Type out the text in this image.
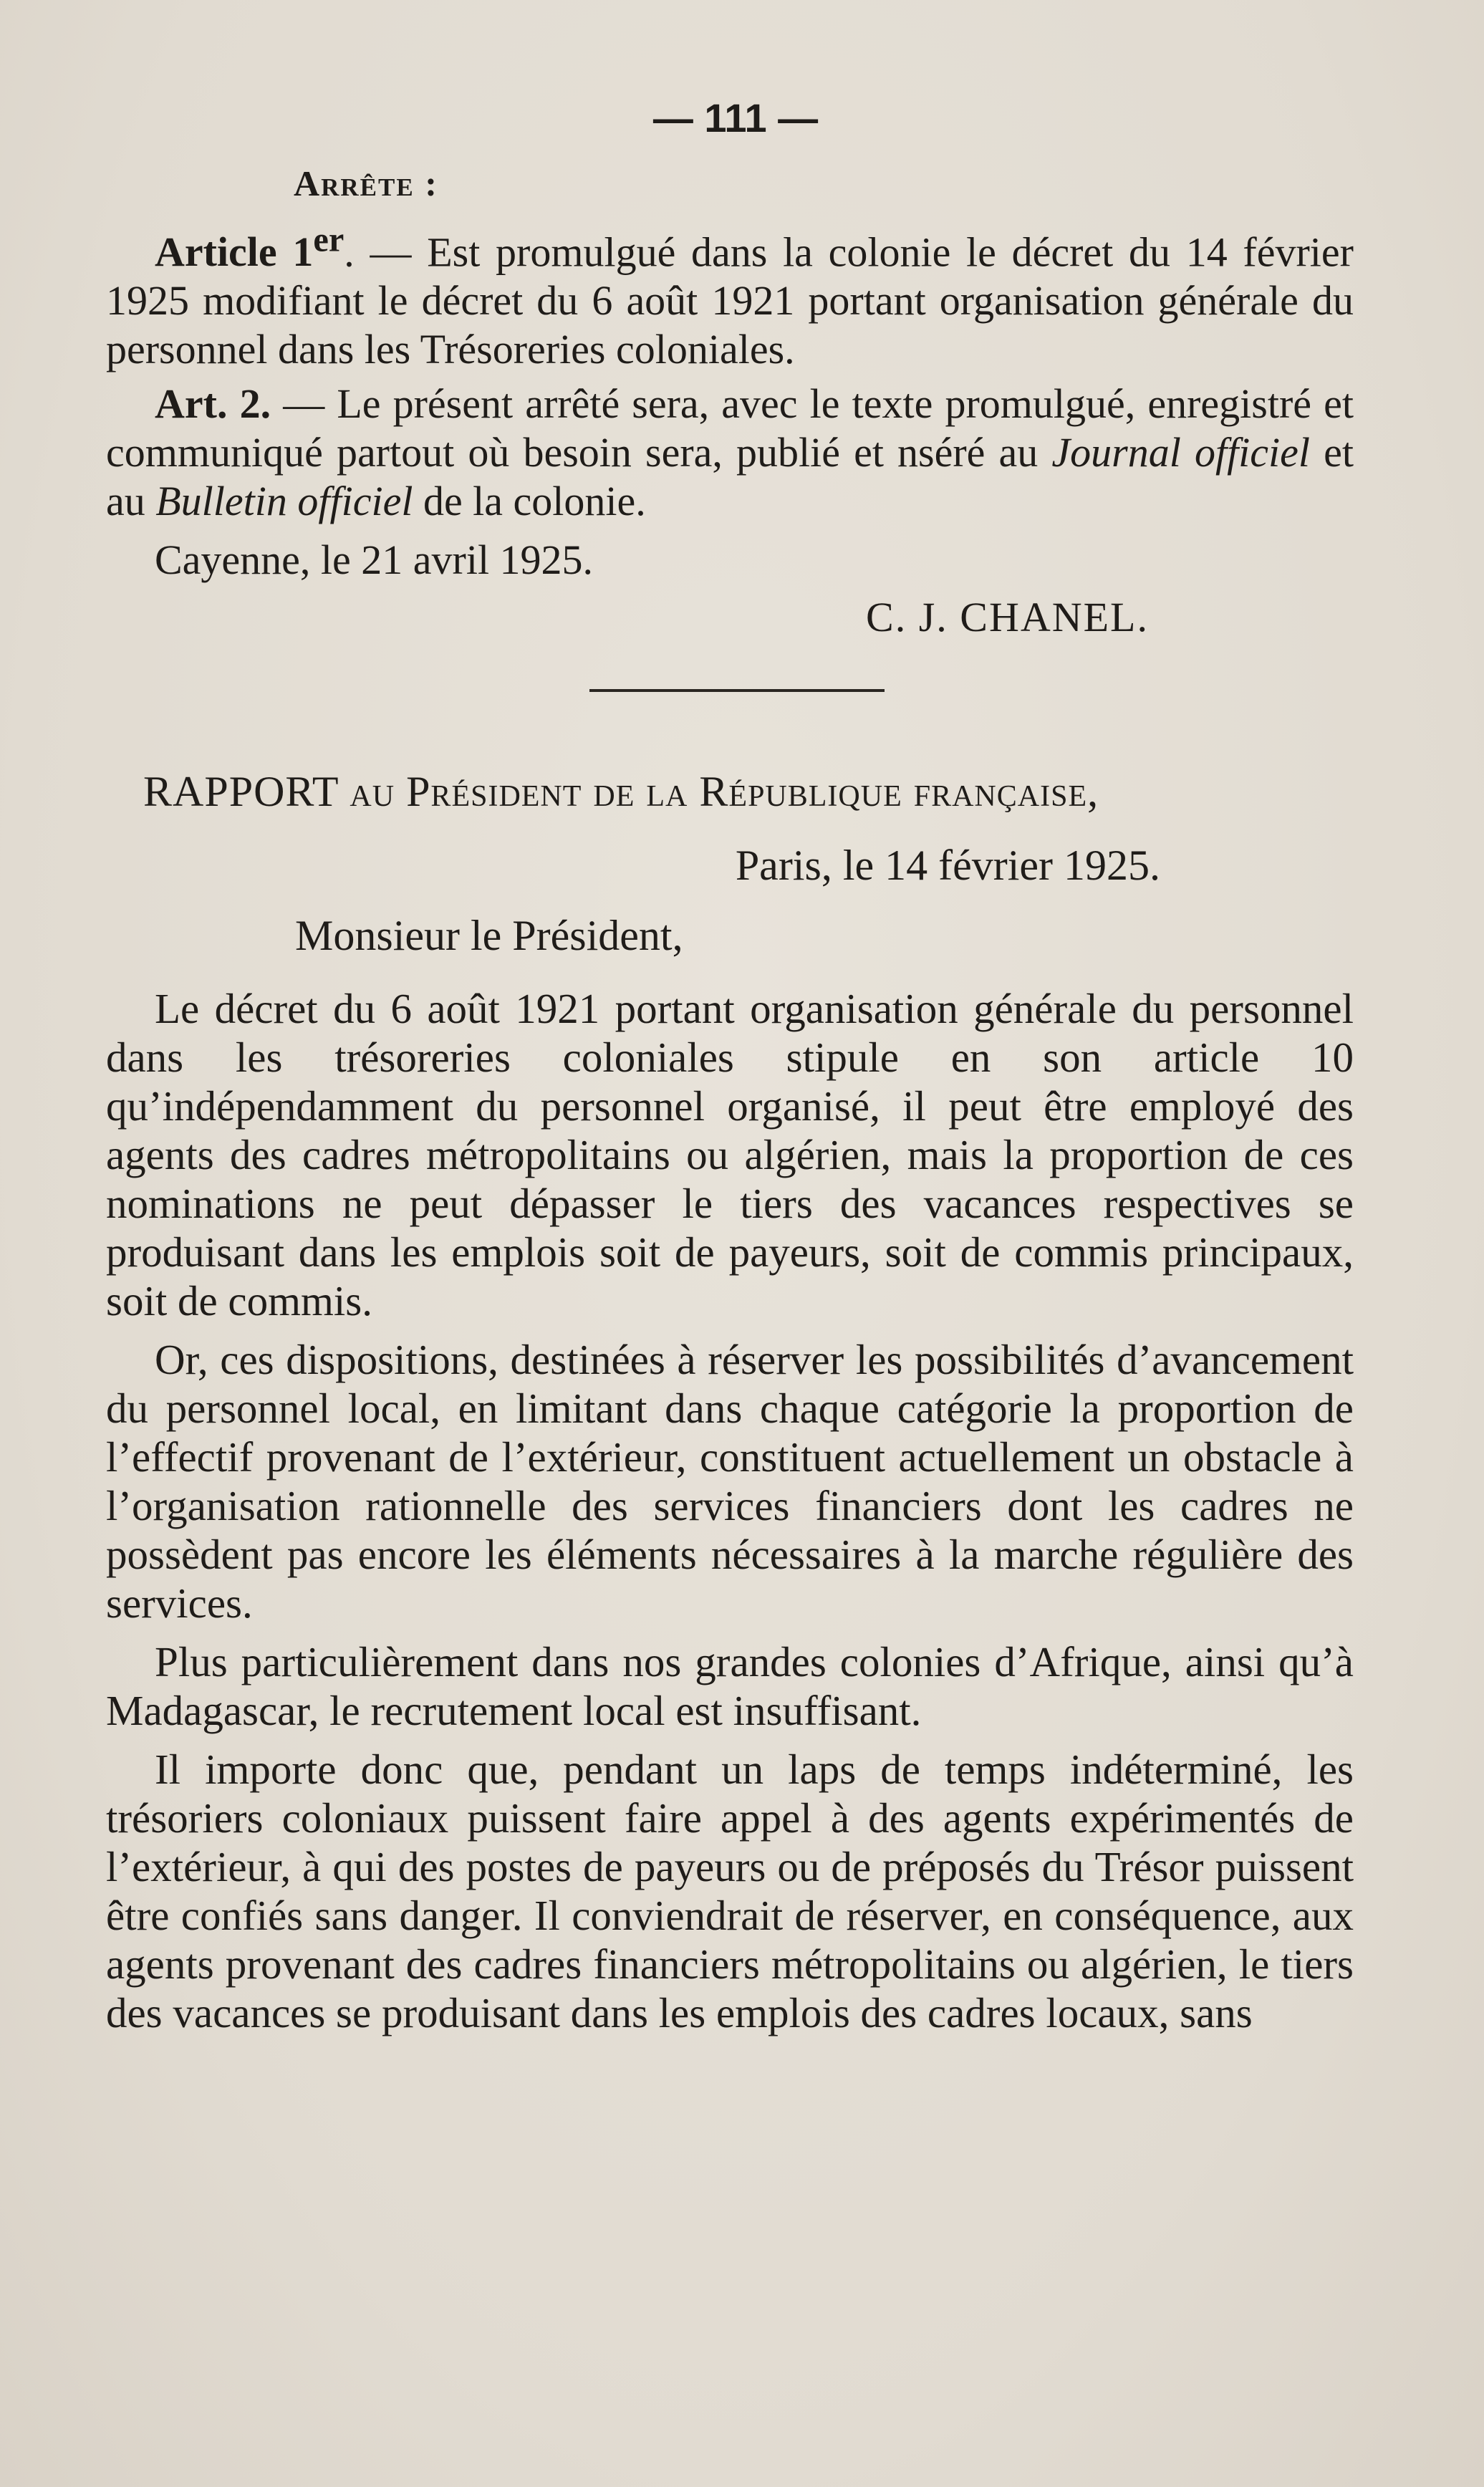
— 111 —
Arrête :

Article 1er. — Est promulgué dans la colonie le décret du 14 février 1925 modifiant le décret du 6 août 1921 portant organisation générale du personnel dans les Trésoreries coloniales.

Art. 2. — Le présent arrêté sera, avec le texte promulgué, enregistré et communiqué partout où besoin sera, publié et nséré au Journal officiel et au Bulletin officiel de la colonie.

Cayenne, le 21 avril 1925.
C. J. CHANEL.
RAPPORT au Président de la République française,
Paris, le 14 février 1925.
Monsieur le Président,

Le décret du 6 août 1921 portant organisation générale du personnel dans les trésoreries coloniales stipule en son article 10 qu’indépendamment du personnel organisé, il peut être employé des agents des cadres métropolitains ou algérien, mais la proportion de ces nominations ne peut dépasser le tiers des vacances respectives se produisant dans les emplois soit de payeurs, soit de commis principaux, soit de commis.

Or, ces dispositions, destinées à réserver les possibilités d’avancement du personnel local, en limitant dans chaque catégorie la proportion de l’effectif provenant de l’extérieur, constituent actuellement un obstacle à l’organisation rationnelle des services financiers dont les cadres ne possèdent pas encore les éléments nécessaires à la marche régulière des services.

Plus particulièrement dans nos grandes colonies d’Afrique, ainsi qu’à Madagascar, le recrutement local est insuffisant.

Il importe donc que, pendant un laps de temps indéterminé, les trésoriers coloniaux puissent faire appel à des agents expérimentés de l’extérieur, à qui des postes de payeurs ou de préposés du Trésor puissent être confiés sans danger. Il conviendrait de réserver, en conséquence, aux agents provenant des cadres financiers métropolitains ou algérien, le tiers des vacances se produisant dans les emplois des cadres locaux, sans
